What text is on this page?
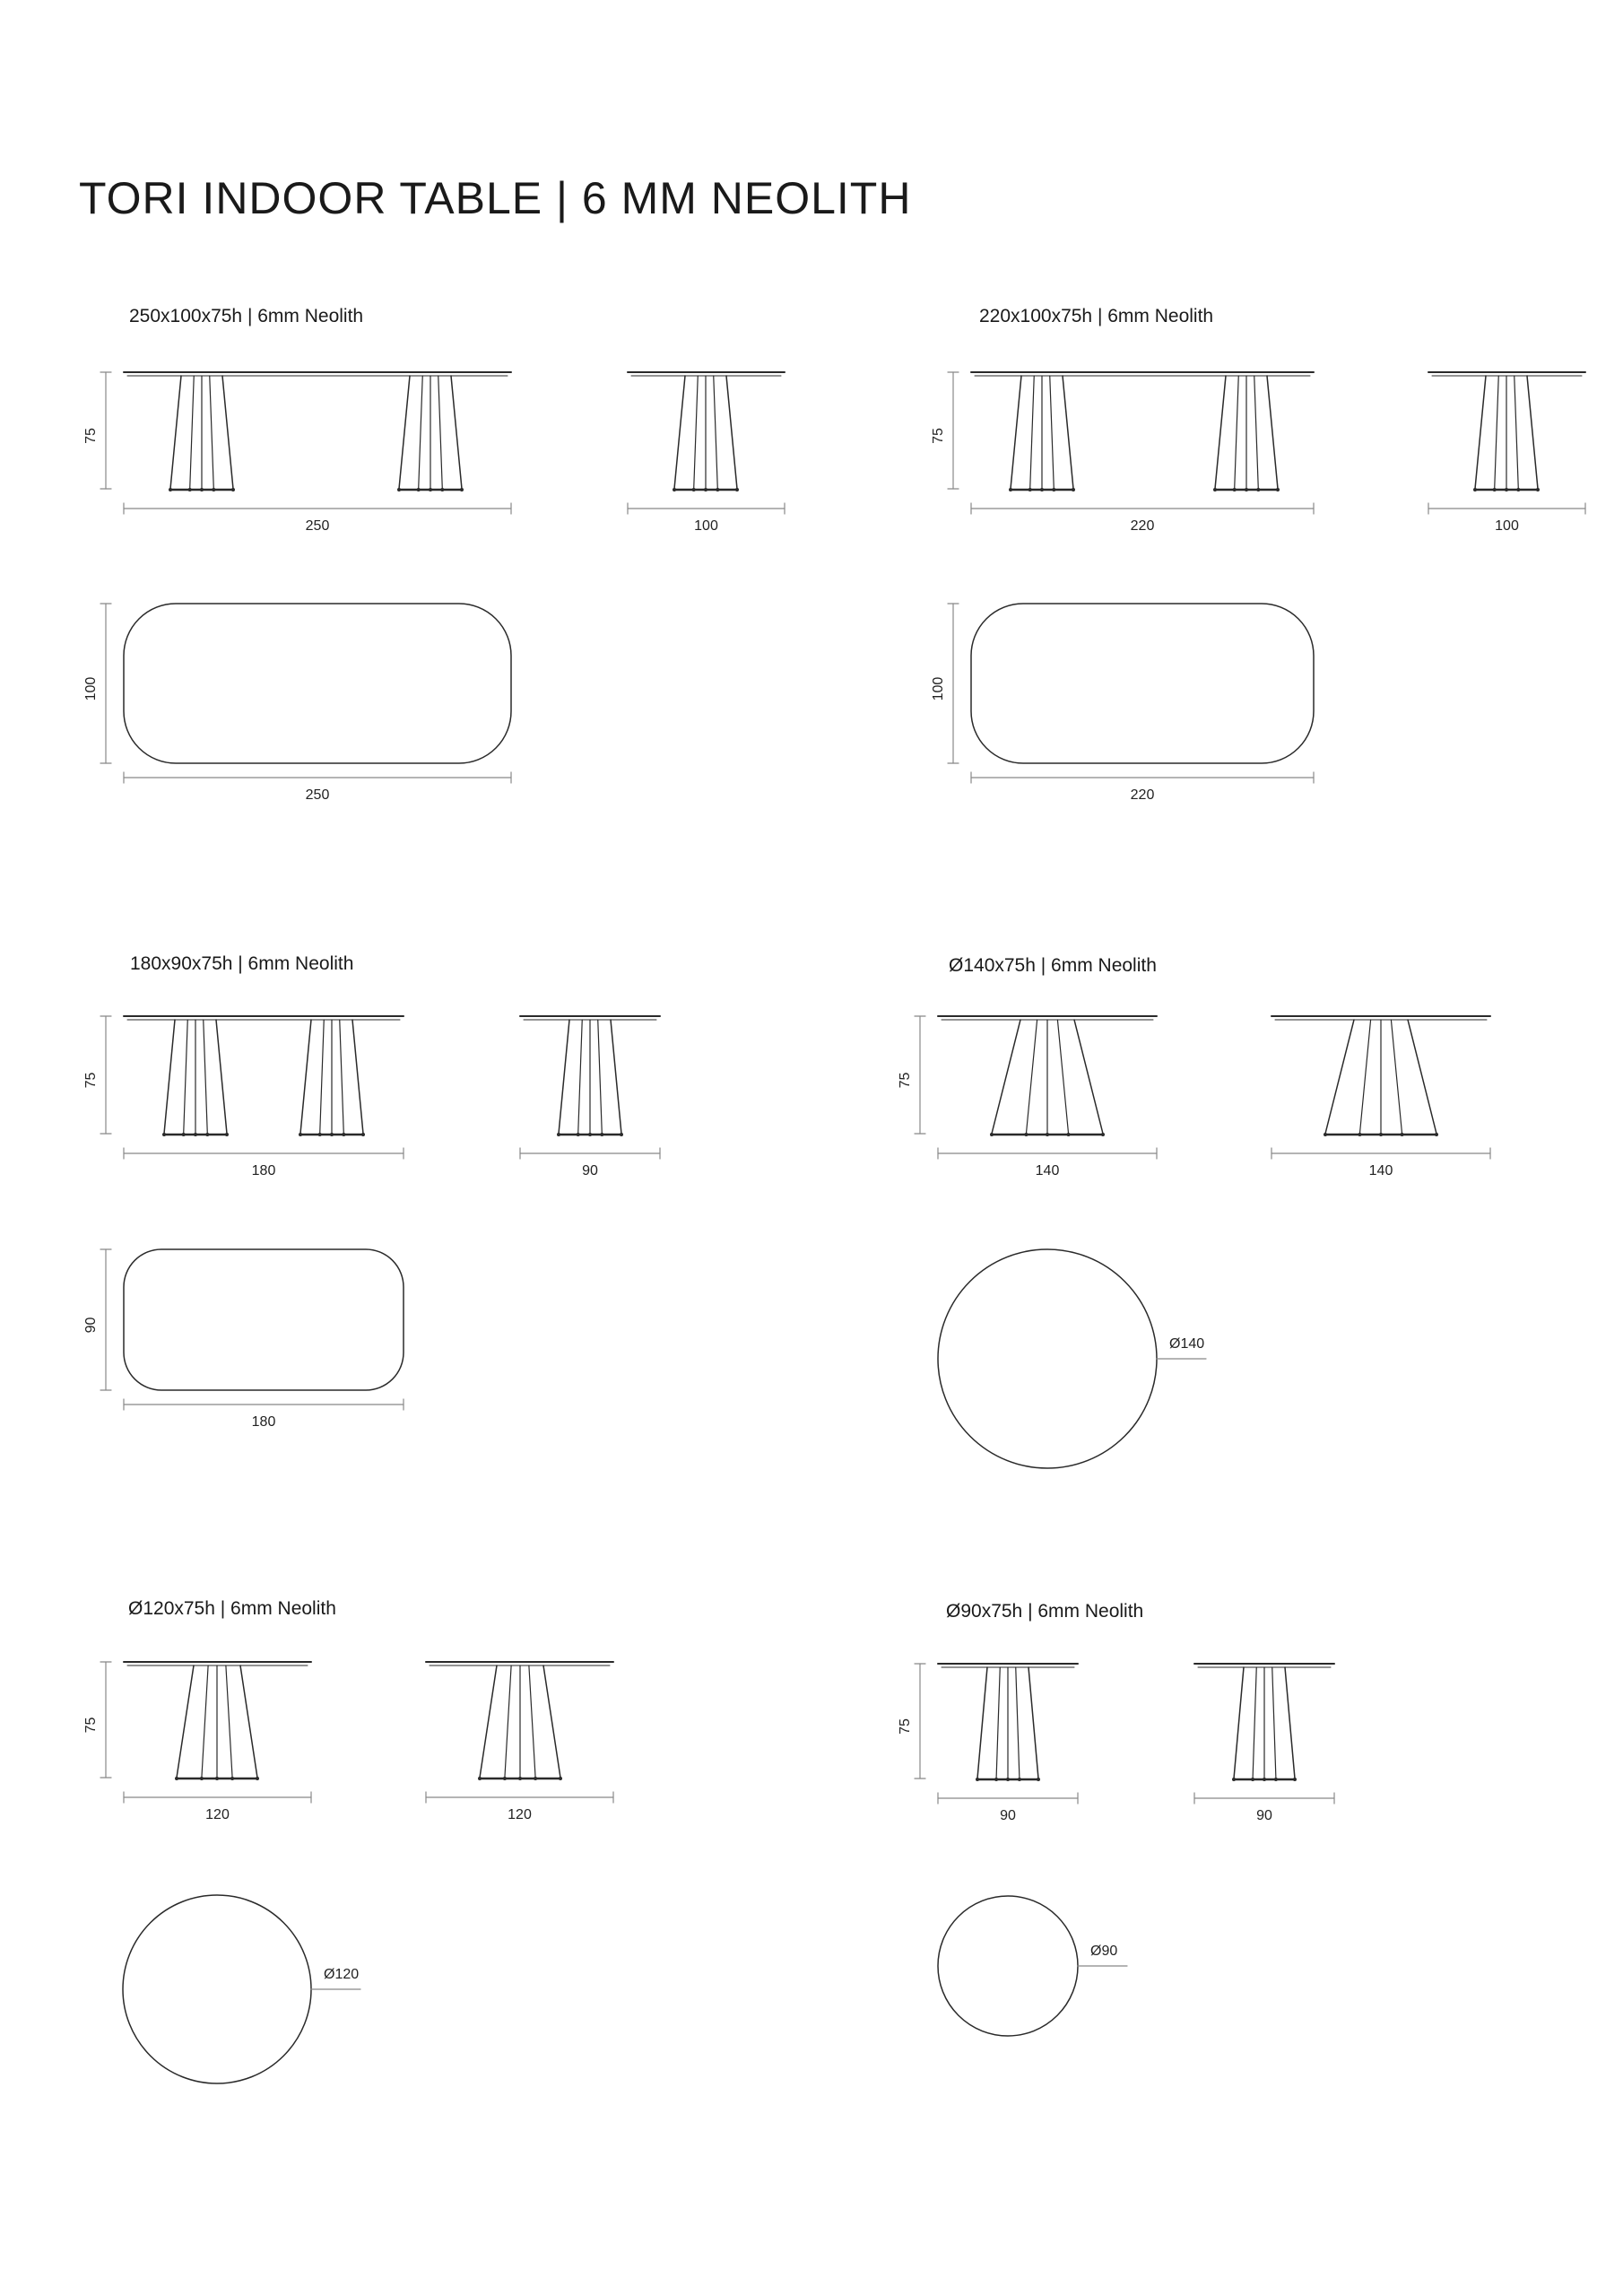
TORI INDOOR TABLE | 6 MM NEOLITH
250x100x75h | 6mm Neolith	220x100x75h | 6mm Neolith
180x90x75h | 6mm Neolith	Ø140x75h | 6mm Neolith
Ø120x75h | 6mm Neolith	Ø90x75h | 6mm Neolith
250
75
100
250
100
220
75
100
220
100
180
75
90
180
90
140
75
140
Ø140
120
75
120
Ø120
90
75
90
Ø90
